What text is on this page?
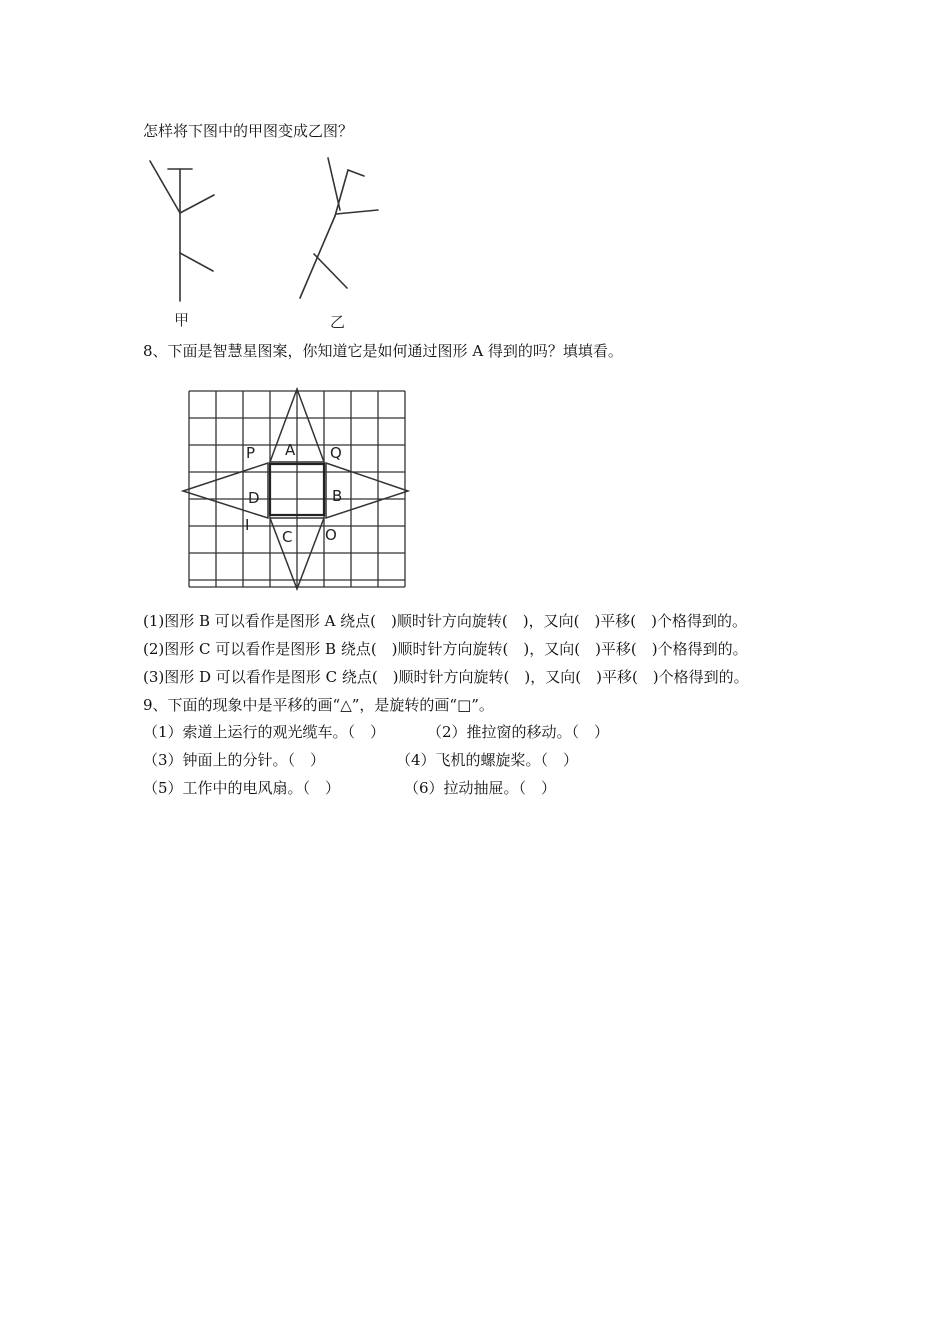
怎样将下图中的甲图变成乙图？
甲	乙
8、下面是智慧星图案，你知道它是如何通过图形 A 得到的吗？填填看。
A
P	Q
D	B
I
C O
(1)图形 B 可以看作是图形 A 绕点(　)顺时针方向旋转(　)，又向(　)平移(　)个格得到的。
(2)图形 C 可以看作是图形 B 绕点(　)顺时针方向旋转(　)，又向(　)平移(　)个格得到的。
(3)图形 D 可以看作是图形 C 绕点(　)顺时针方向旋转(　)，又向(　)平移(　)个格得到的。
9、下面的现象中是平移的画“△”，是旋转的画“□”。
（1）索道上运行的观光缆车。（　）	（2）推拉窗的移动。（　）
（3）钟面上的分针。（　）	（4）飞机的螺旋桨。（　）
（5）工作中的电风扇。（　）	（6）拉动抽屉。（　）
